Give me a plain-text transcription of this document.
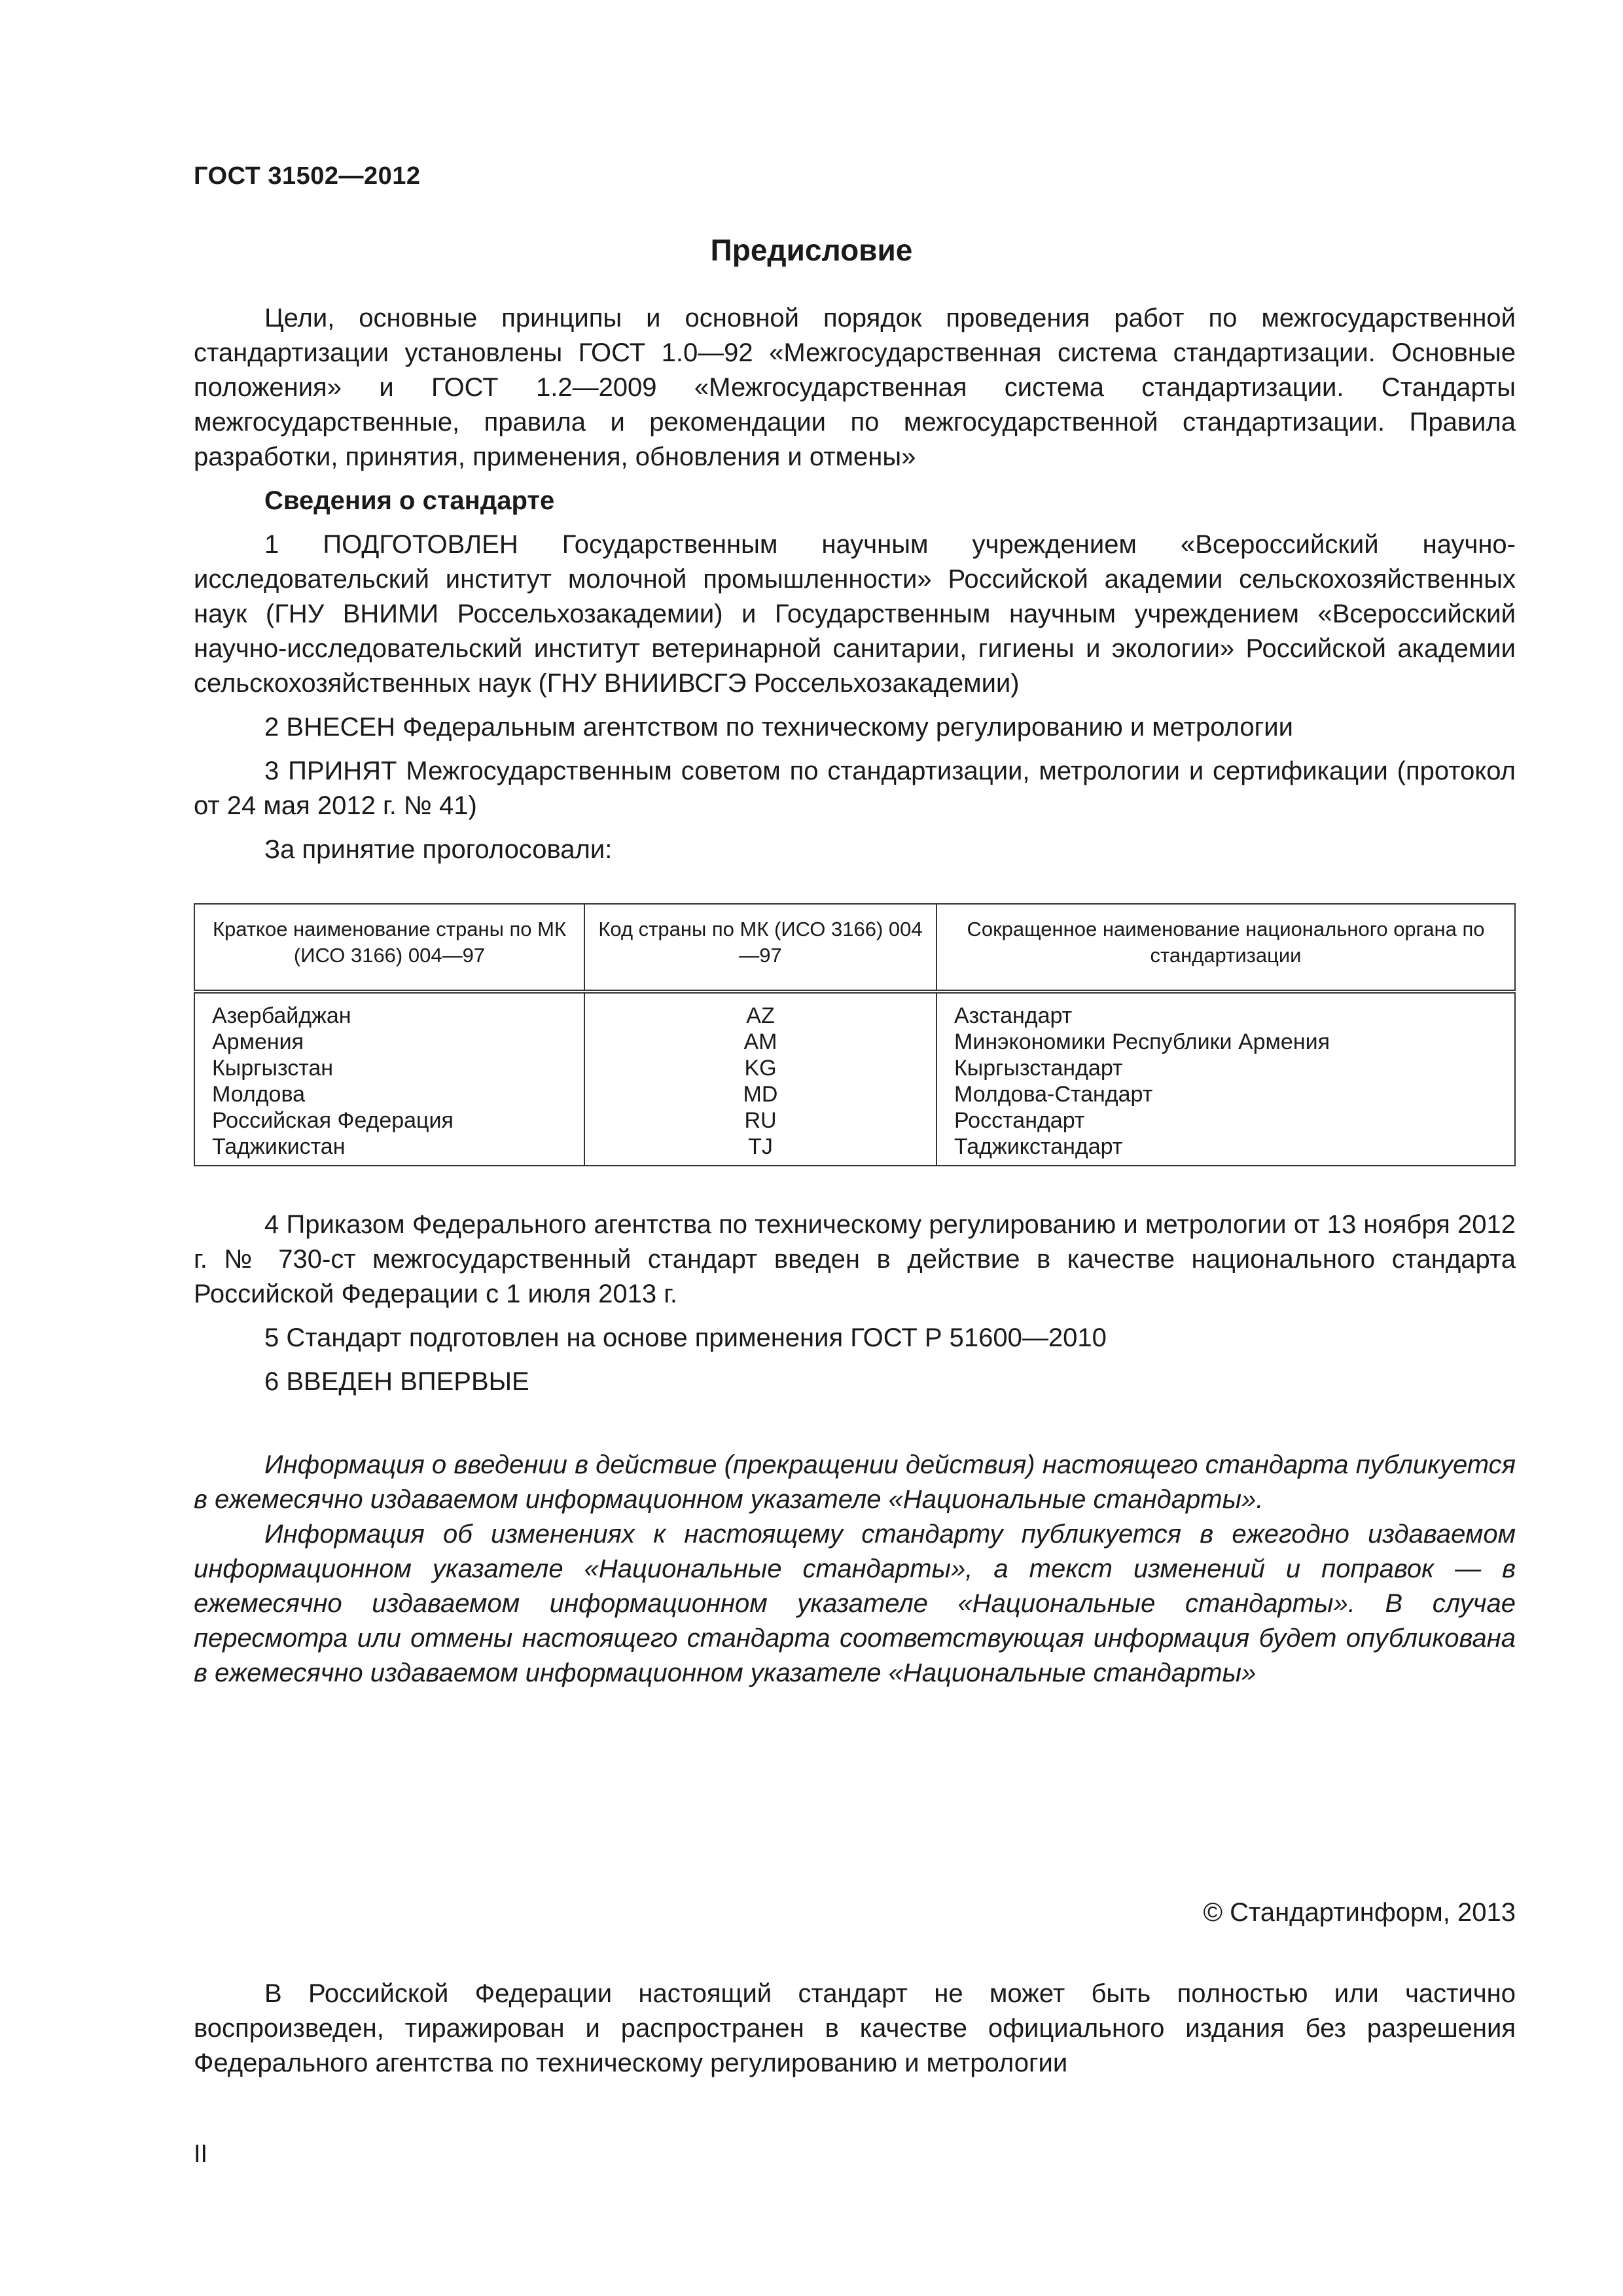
ГОСТ 31502—2012
Предисловие

Цели, основные принципы и основной порядок проведения работ по межгосударственной стандартизации установлены ГОСТ 1.0—92 «Межгосударственная система стандартизации. Основные положения» и ГОСТ 1.2—2009 «Межгосударственная система стандартизации. Стандарты межгосударственные, правила и рекомендации по межгосударственной стандартизации. Правила разработки, принятия, применения, обновления и отмены»

Сведения о стандарте

1 ПОДГОТОВЛЕН Государственным научным учреждением «Всероссийский научно-исследовательский институт молочной промышленности» Российской академии сельскохозяйственных наук (ГНУ ВНИМИ Россельхозакадемии) и Государственным научным учреждением «Всероссийский научно-исследовательский институт ветеринарной санитарии, гигиены и экологии» Российской академии сельскохозяйственных наук (ГНУ ВНИИВСГЭ Россельхозакадемии)

2 ВНЕСЕН Федеральным агентством по техническому регулированию и метрологии

3 ПРИНЯТ Межгосударственным советом по стандартизации, метрологии и сертификации (протокол от 24 мая 2012 г. № 41)

За принятие проголосовали:

Краткое наименование страны по МК (ИСО 3166) 004—97	Код страны по МК (ИСО 3166) 004—97	Сокращенное наименование национального органа по стандартизации
Азербайджан	AZ	Азстандарт
Армения	AM	Минэкономики Республики Армения
Кыргызстан	KG	Кыргызстандарт
Молдова	MD	Молдова-Стандарт
Российская Федерация	RU	Росстандарт
Таджикистан	TJ	Таджикстандарт

4 Приказом Федерального агентства по техническому регулированию и метрологии от 13 ноября 2012 г. № 730-ст межгосударственный стандарт введен в действие в качестве национального стандарта Российской Федерации с 1 июля 2013 г.

5 Стандарт подготовлен на основе применения ГОСТ Р 51600—2010

6 ВВЕДЕН ВПЕРВЫЕ

Информация о введении в действие (прекращении действия) настоящего стандарта публикуется в ежемесячно издаваемом информационном указателе «Национальные стандарты».

Информация об изменениях к настоящему стандарту публикуется в ежегодно издаваемом информационном указателе «Национальные стандарты», а текст изменений и поправок — в ежемесячно издаваемом информационном указателе «Национальные стандарты». В случае пересмотра или отмены настоящего стандарта соответствующая информация будет опубликована в ежемесячно издаваемом информационном указателе «Национальные стандарты»

© Стандартинформ, 2013

В Российской Федерации настоящий стандарт не может быть полностью или частично воспроизведен, тиражирован и распространен в качестве официального издания без разрешения Федерального агентства по техническому регулированию и метрологии

II
